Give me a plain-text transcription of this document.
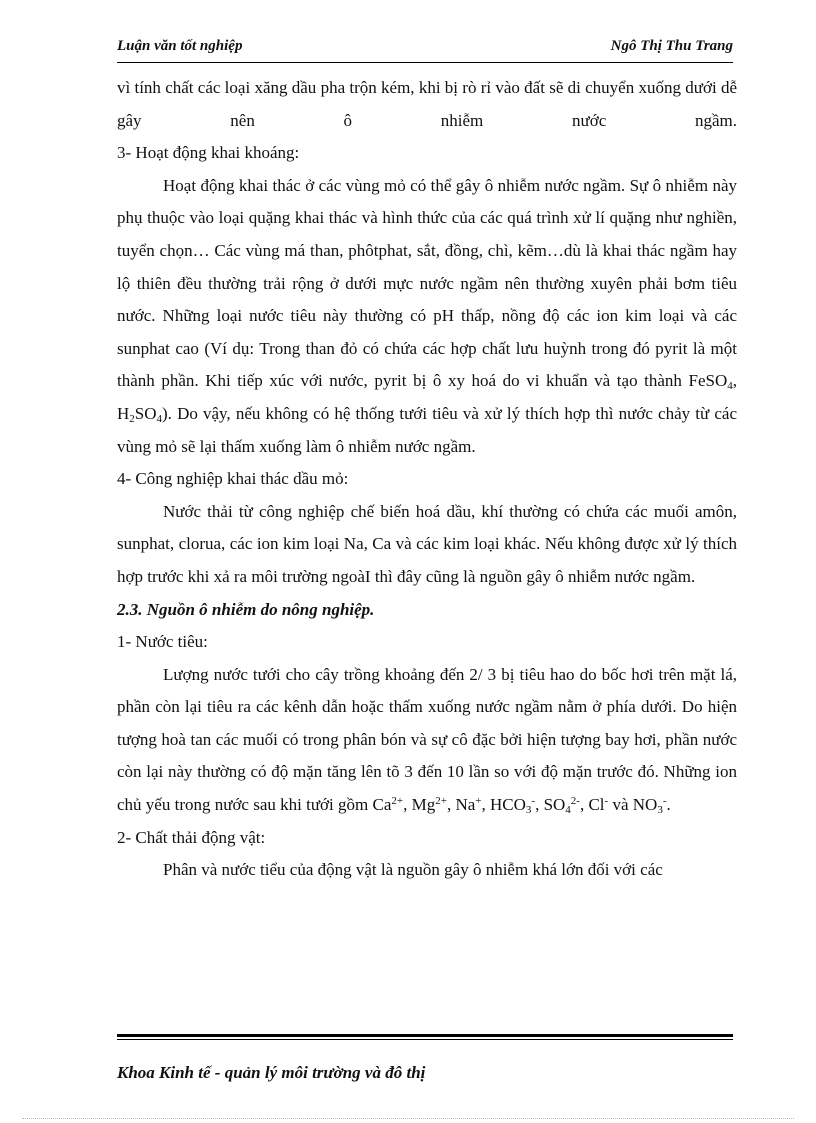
Luận văn tốt nghiệp	Ngô Thị Thu Trang

vì tính chất các loại xăng dầu pha trộn kém, khi bị rò rỉ vào đất sẽ di chuyển xuống dưới dễ gây nên ô nhiễm nước ngầm.

3- Hoạt động khai khoáng:

Hoạt động khai thác ở các vùng mỏ có thể gây ô nhiễm nước ngầm. Sự ô nhiễm này phụ thuộc vào loại quặng khai thác và hình thức của các quá trình xử lí quặng như nghiền, tuyển chọn… Các vùng má than, phôtphat, sắt, đồng, chì, kẽm…dù là khai thác ngầm hay lộ thiên đều thường trải rộng ở dưới mực nước ngầm nên thường xuyên phải bơm tiêu nước. Những loại nước tiêu này thường có pH thấp, nồng độ các ion kim loại và các sunphat cao (Ví dụ: Trong than đỏ có chứa các hợp chất lưu huỳnh trong đó pyrit là một thành phần. Khi tiếp xúc với nước, pyrit bị ô xy hoá do vi khuẩn và tạo thành FeSO$_4$, $H_2SO_4$). Do vậy, nếu không có hệ thống tưới tiêu và xử lý thích hợp thì nước chảy từ các vùng mỏ sẽ lại thấm xuống làm ô nhiễm nước ngầm.

4- Công nghiệp khai thác dầu mỏ:

Nước thải từ công nghiệp chế biến hoá dầu, khí thường có chứa các muối amôn, sunphat, clorua, các ion kim loại Na, Ca và các kim loại khác. Nếu không được xử lý thích hợp trước khi xả ra môi trường ngoàI thì đây cũng là nguồn gây ô nhiễm nước ngầm.

2.3. Nguồn ô nhiễm do nông nghiệp.

1- Nước tiêu:

Lượng nước tưới cho cây trồng khoảng đến 2/ 3 bị tiêu hao do bốc hơi trên mặt lá, phần còn lại tiêu ra các kênh dẫn hoặc thấm xuống nước ngầm nằm ở phía dưới. Do hiện tượng hoà tan các muối có trong phân bón và sự cô đặc bởi hiện tượng bay hơi, phần nước còn lại này thường có độ mặn tăng lên tõ 3 đến 10 lần so với độ mặn trước đó. Những ion chủ yếu trong nước sau khi tưới gồm $Ca^{2+}$, $Mg^{2+}$, Na+, $HCO_3^-$, $SO_4^{2-}$, Cl- và $NO_3^-$.

2- Chất thải động vật:

Phân và nước tiểu của động vật là nguồn gây ô nhiễm khá lớn đối với các

Khoa Kinh tế - quản lý môi trường và đô thị
